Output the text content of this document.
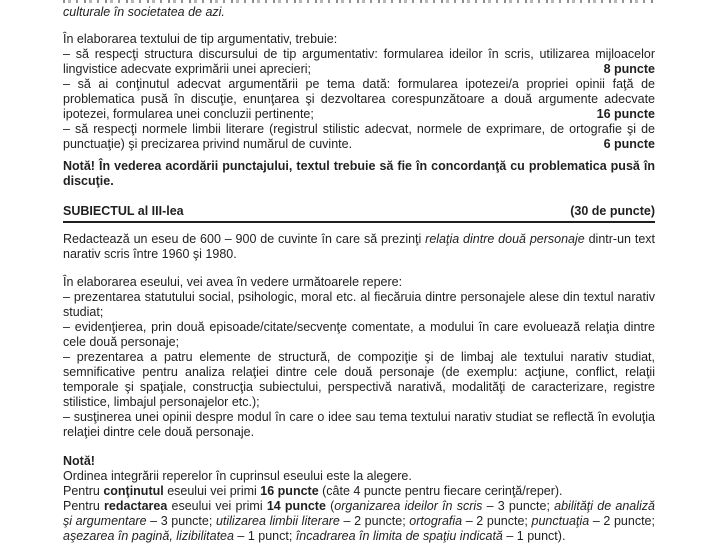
culturale în societatea de azi.

În elaborarea textului de tip argumentativ, trebuie:

– să respecţi structura discursului de tip argumentativ: formularea ideilor în scris, utilizarea mijloacelor lingvistice adecvate exprimării unei aprecieri;	8 puncte
– să ai conţinutul adecvat argumentării pe tema dată: formularea ipotezei/a propriei opinii faţă de problematica pusă în discuţie, enunţarea şi dezvoltarea corespunzătoare a două argumente adecvate ipotezei, formularea unei concluzii pertinente;	16 puncte
– să respecţi normele limbii literare (registrul stilistic adecvat, normele de exprimare, de ortografie şi de punctuaţie) şi precizarea privind numărul de cuvinte.	6 puncte

Notă! În vederea acordării punctajului, textul trebuie să fie în concordanţă cu problematica pusă în discuţie.

SUBIECTUL al III-lea	(30 de puncte)

Redactează un eseu de 600 – 900 de cuvinte în care să prezinţi relaţia dintre două personaje dintr-un text narativ scris între 1960 şi 1980.

În elaborarea eseului, vei avea în vedere următoarele repere:

– prezentarea statutului social, psihologic, moral etc. al fiecăruia dintre personajele alese din textul narativ studiat;

– evidenţierea, prin două episoade/citate/secvenţe comentate, a modului în care evoluează relaţia dintre cele două personaje;

– prezentarea a patru elemente de structură, de compoziţie şi de limbaj ale textului narativ studiat, semnificative pentru analiza relaţiei dintre cele două personaje (de exemplu: acţiune, conflict, relaţii temporale şi spaţiale, construcţia subiectului, perspectivă narativă, modalităţi de caracterizare, registre stilistice, limbajul personajelor etc.);

– susţinerea unei opinii despre modul în care o idee sau tema textului narativ studiat se reflectă în evoluţia relaţiei dintre cele două personaje.

Notă!

Ordinea integrării reperelor în cuprinsul eseului este la alegere.

Pentru conţinutul eseului vei primi 16 puncte (câte 4 puncte pentru fiecare cerinţă/reper).

Pentru redactarea eseului vei primi 14 puncte (organizarea ideilor în scris – 3 puncte; abilităţi de analiză şi argumentare – 3 puncte; utilizarea limbii literare – 2 puncte; ortografia – 2 puncte; punctuaţia – 2 puncte; aşezarea în pagină, lizibilitatea – 1 punct; încadrarea în limita de spaţiu indicată – 1 punct).
